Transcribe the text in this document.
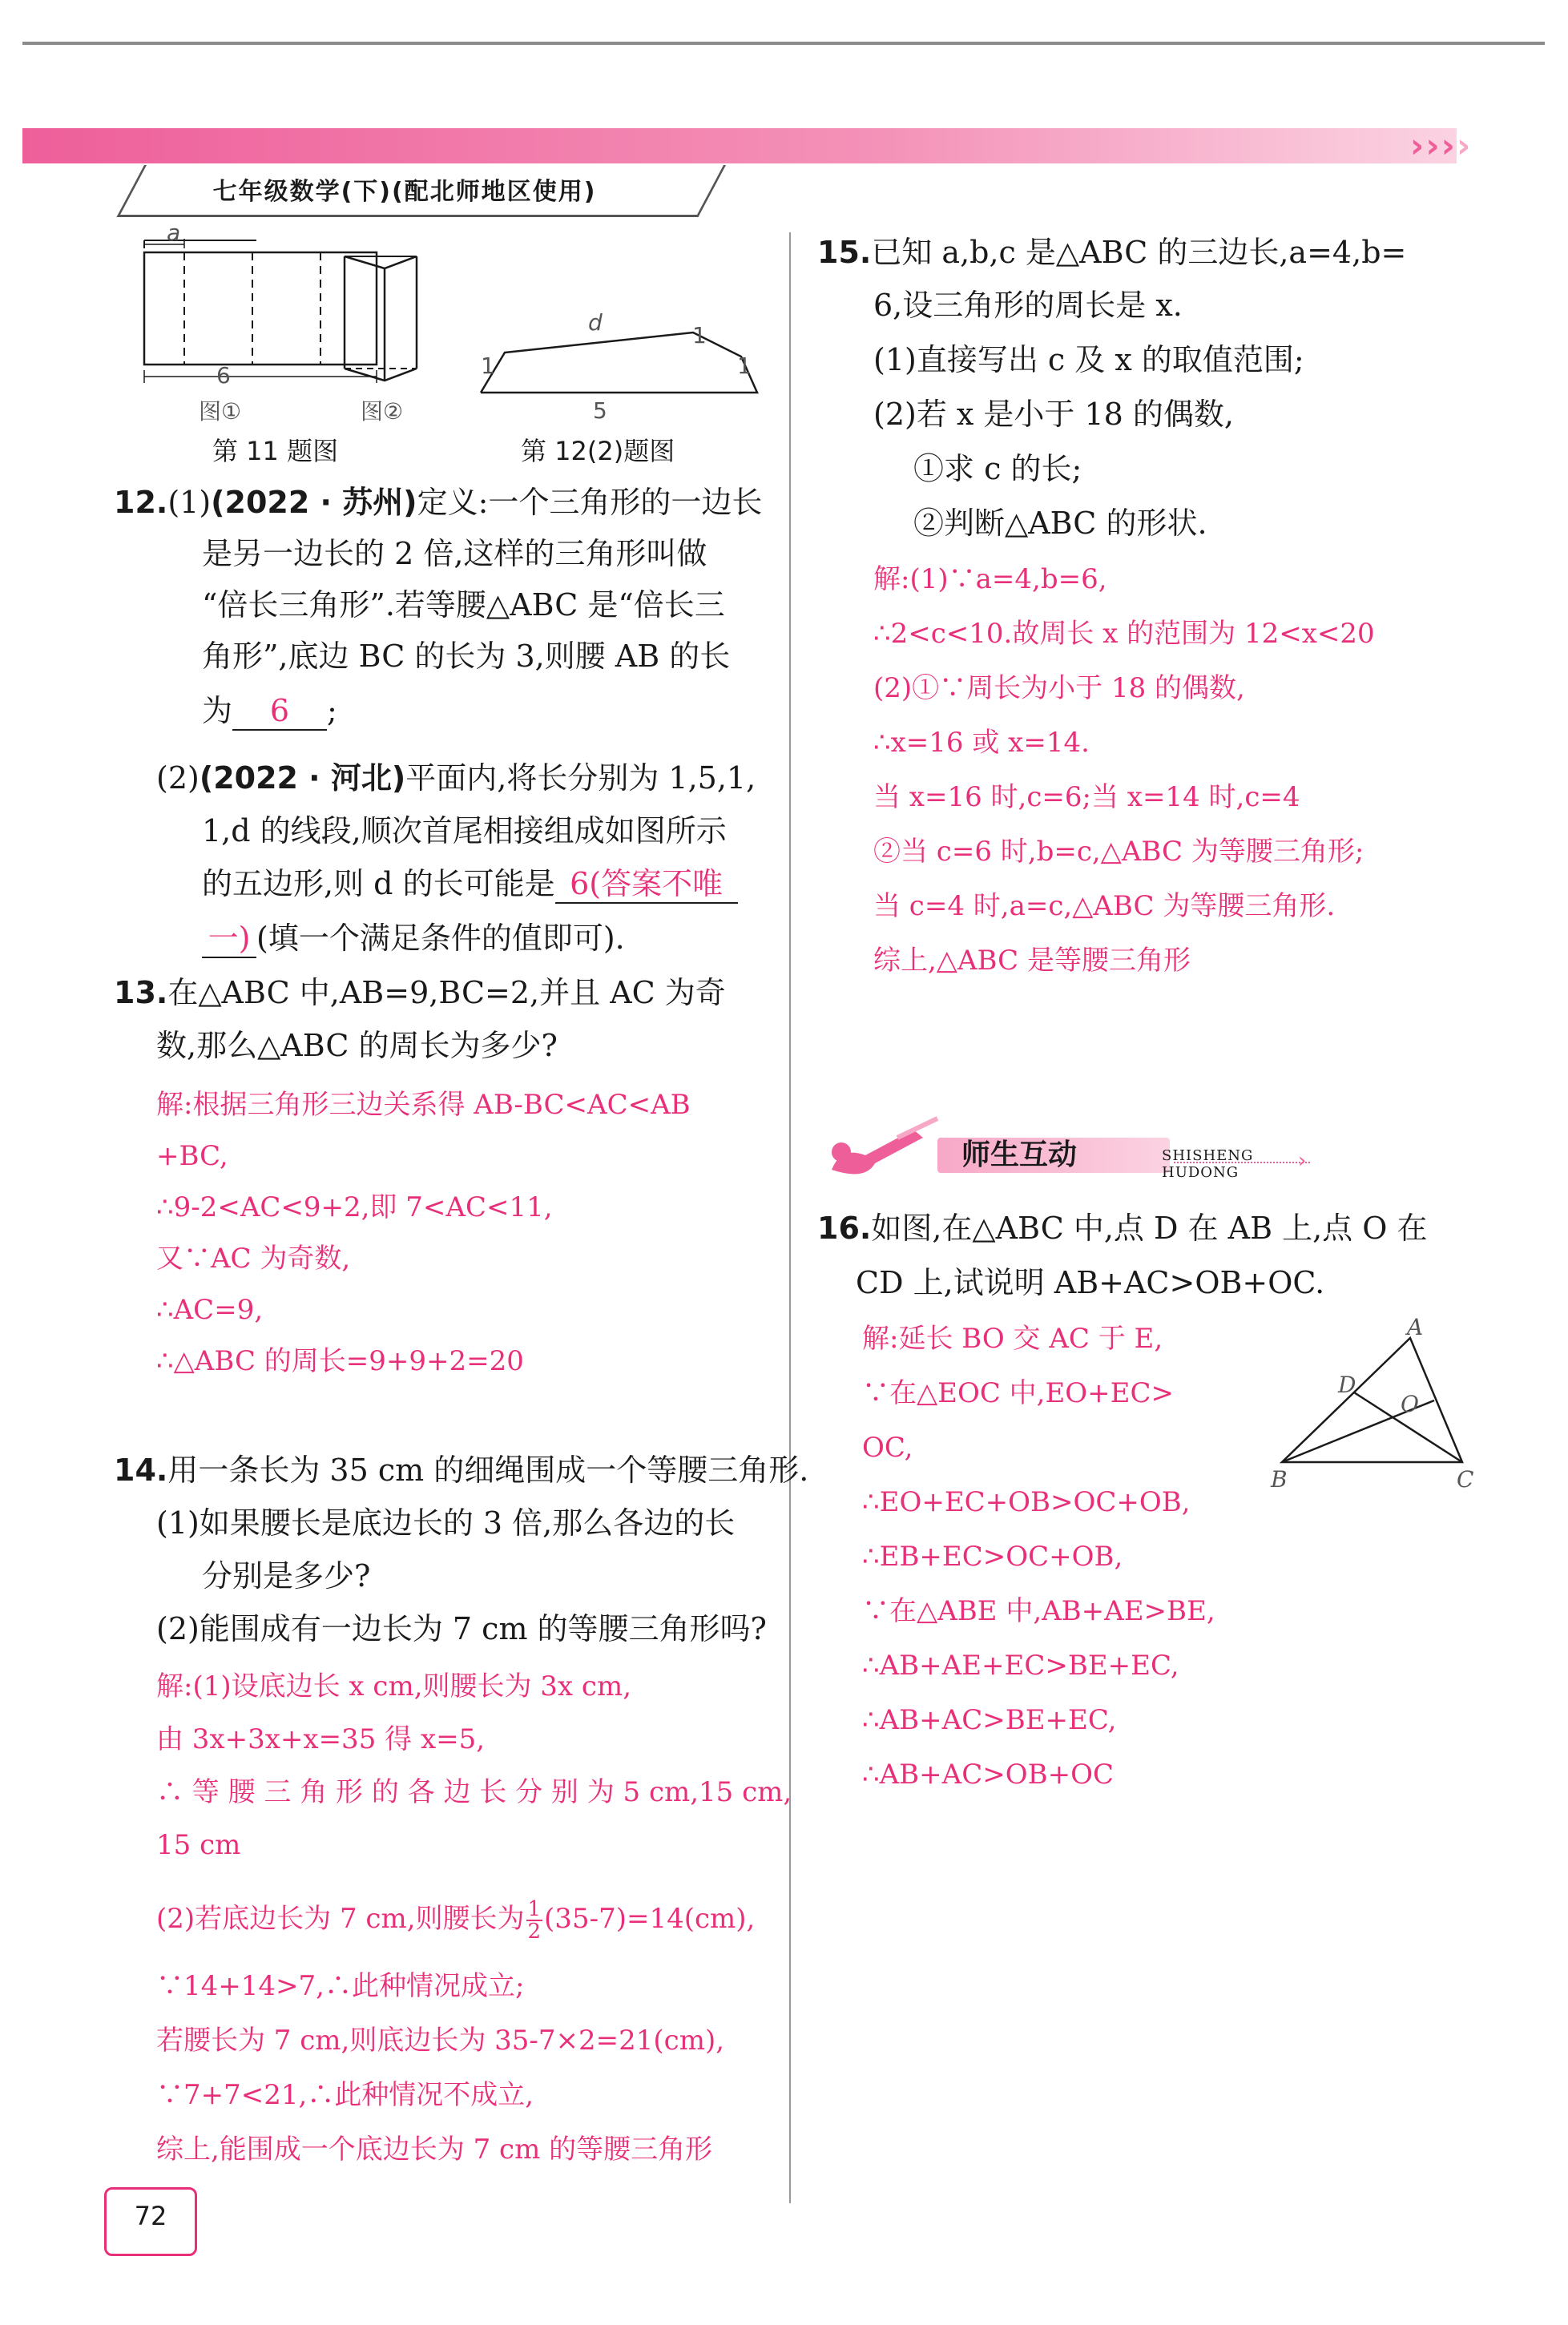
› › › ›
七年级数学(下)(配北师地区使用)
a
6
图①	图②
第 11 题图
d	1
1	1
5
第 12(2)题图
12.(1)(2022 · 苏州)定义:一个三角形的一边长
是另一边长的 2 倍,这样的三角形叫做
“倍长三角形”.若等腰△ABC 是“倍长三
角形”,底边 BC 的长为 3,则腰 AB 的长
为 6 ;
(2)(2022 · 河北)平面内,将长分别为 1,5,1,
1,d 的线段,顺次首尾相接组成如图所示
的五边形,则 d 的长可能是 6(答案不唯
一) (填一个满足条件的值即可).
13.在△ABC 中,AB=9,BC=2,并且 AC 为奇
数,那么△ABC 的周长为多少?
解:根据三角形三边关系得 AB-BC<AC<AB
+BC,
∴9-2<AC<9+2,即 7<AC<11,
又∵AC 为奇数,
∴AC=9,
∴△ABC 的周长=9+9+2=20
14.用一条长为 35 cm 的细绳围成一个等腰三角形.
(1)如果腰长是底边长的 3 倍,那么各边的长
分别是多少?
(2)能围成有一边长为 7 cm 的等腰三角形吗?
解:(1)设底边长 x cm,则腰长为 3x cm,
由 3x+3x+x=35 得 x=5,
∴ 等 腰 三 角 形 的 各 边 长 分 别 为 5 cm,15 cm,
15 cm
(2)若底边长为 7 cm,则腰长为 $\frac{1}{2} (35-7)=14(cm)$,
∵14+14>7,∴此种情况成立;
若腰长为 7 cm,则底边长为 35-7×2=21(cm),
∵7+7<21,∴此种情况不成立,
综上,能围成一个底边长为 7 cm 的等腰三角形
15.已知 a,b,c 是△ABC 的三边长,a=4,b=
6,设三角形的周长是 x.
(1)直接写出 c 及 x 的取值范围;
(2)若 x 是小于 18 的偶数,
①求 c 的长;
②判断△ABC 的形状.
解:(1)∵a=4,b=6,
∴2<c<10.故周长 x 的范围为 12<x<20
(2)①∵周长为小于 18 的偶数,
∴x=16 或 x=14.
当 x=16 时,c=6;当 x=14 时,c=4
②当 c=6 时,b=c,△ABC 为等腰三角形;
当 c=4 时,a=c,△ABC 为等腰三角形.
综上,△ABC 是等腰三角形
师生互动	SHISHENG HUDONG	›
16.如图,在△ABC 中,点 D 在 AB 上,点 O 在
CD 上,试说明 AB+AC>OB+OC.
解:延长 BO 交 AC 于 E,
∵在△EOC 中,EO+EC>
OC,
∴EO+EC+OB>OC+OB,
∴EB+EC>OC+OB,
∵在△ABE 中,AB+AE>BE,
∴AB+AE+EC>BE+EC,
∴AB+AC>BE+EC,
∴AB+AC>OB+OC
A
B	C
D
O
72
